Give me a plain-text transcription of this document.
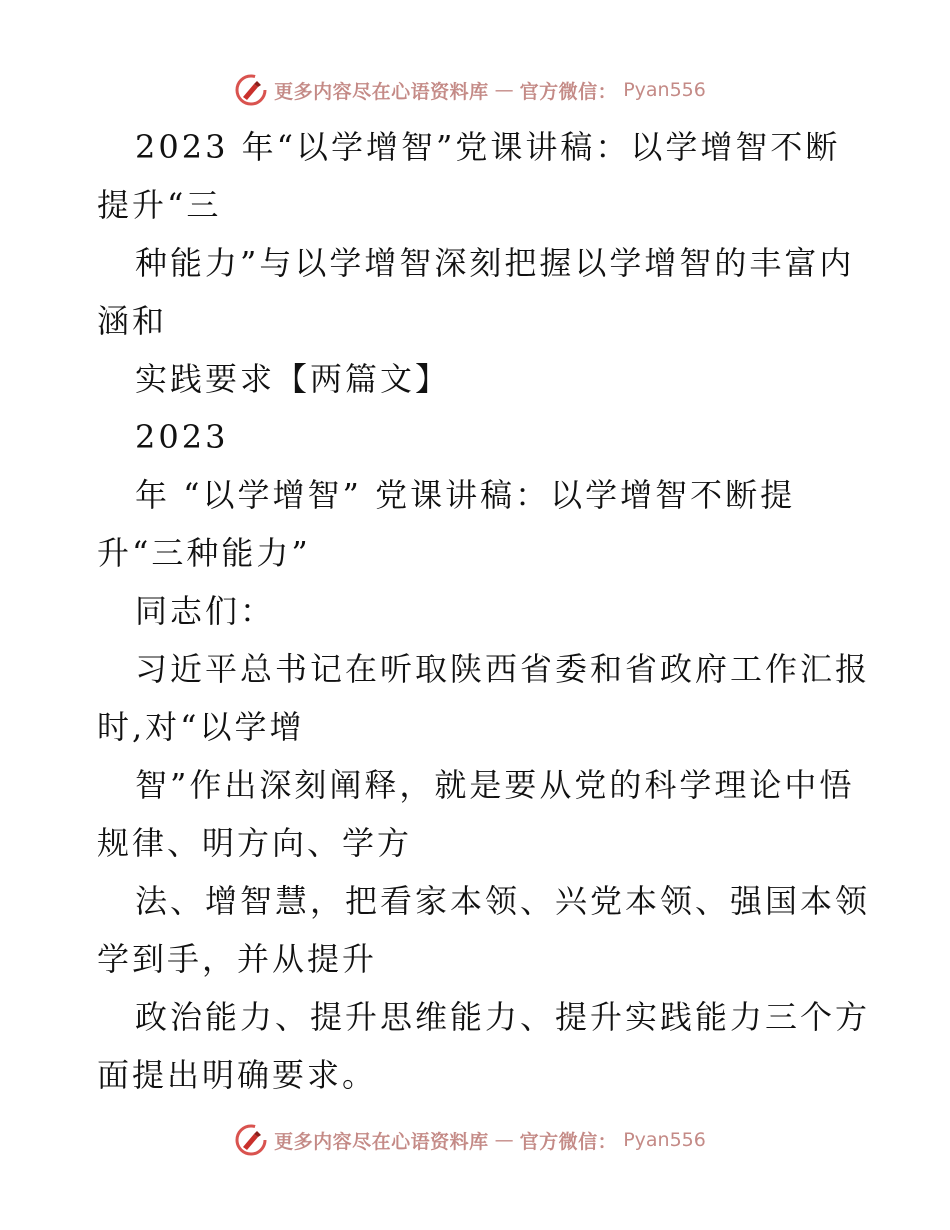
更多内容尽在心语资料库 — 官方微信： Pyan556
2023 年“以学增智”党课讲稿：以学增智不断
提升“三
种能力”与以学增智深刻把握以学增智的丰富内
涵和
实践要求【两篇文】
2023
年 “以学增智” 党课讲稿：以学增智不断提
升“三种能力”
同志们：
习近平总书记在听取陕西省委和省政府工作汇报
时,对“以学增
智”作出深刻阐释，就是要从党的科学理论中悟
规律、明方向、学方
法、增智慧，把看家本领、兴党本领、强国本领
学到手，并从提升
政治能力、提升思维能力、提升实践能力三个方
面提出明确要求。
更多内容尽在心语资料库 — 官方微信： Pyan556
